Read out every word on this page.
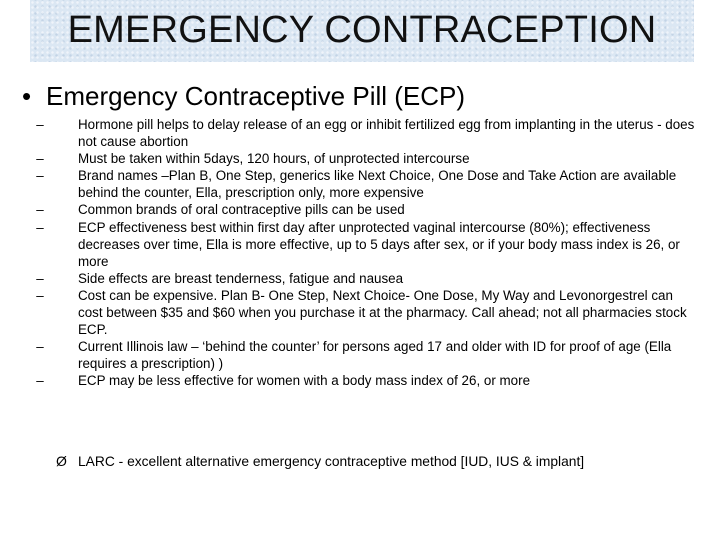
EMERGENCY CONTRACEPTION
• Emergency Contraceptive Pill (ECP)
–	Hormone pill helps to delay release of an egg or inhibit fertilized egg from implanting in the uterus - does not cause abortion
–	Must be taken within 5days, 120 hours, of unprotected intercourse
–	Brand names –Plan B, One Step, generics like Next Choice, One Dose and Take Action are available behind the counter, Ella, prescription only, more expensive
–	Common brands of oral contraceptive pills can be used
–	ECP effectiveness best within first day after unprotected vaginal intercourse (80%); effectiveness decreases over time, Ella is more effective, up to 5 days after sex, or if your body mass index is 26, or more
–	Side effects are breast tenderness, fatigue and nausea
–	Cost can be expensive. Plan B- One Step, Next Choice- One Dose, My Way and Levonorgestrel can cost between $35 and $60 when you purchase it at the pharmacy. Call ahead; not all pharmacies stock ECP.
–	Current Illinois law – ‘behind the counter’ for persons aged 17 and older with ID for proof of age (Ella requires a prescription) )
–	ECP may be less effective for women with a body mass index of 26, or more
Ø LARC - excellent alternative emergency contraceptive method [IUD, IUS & implant]
